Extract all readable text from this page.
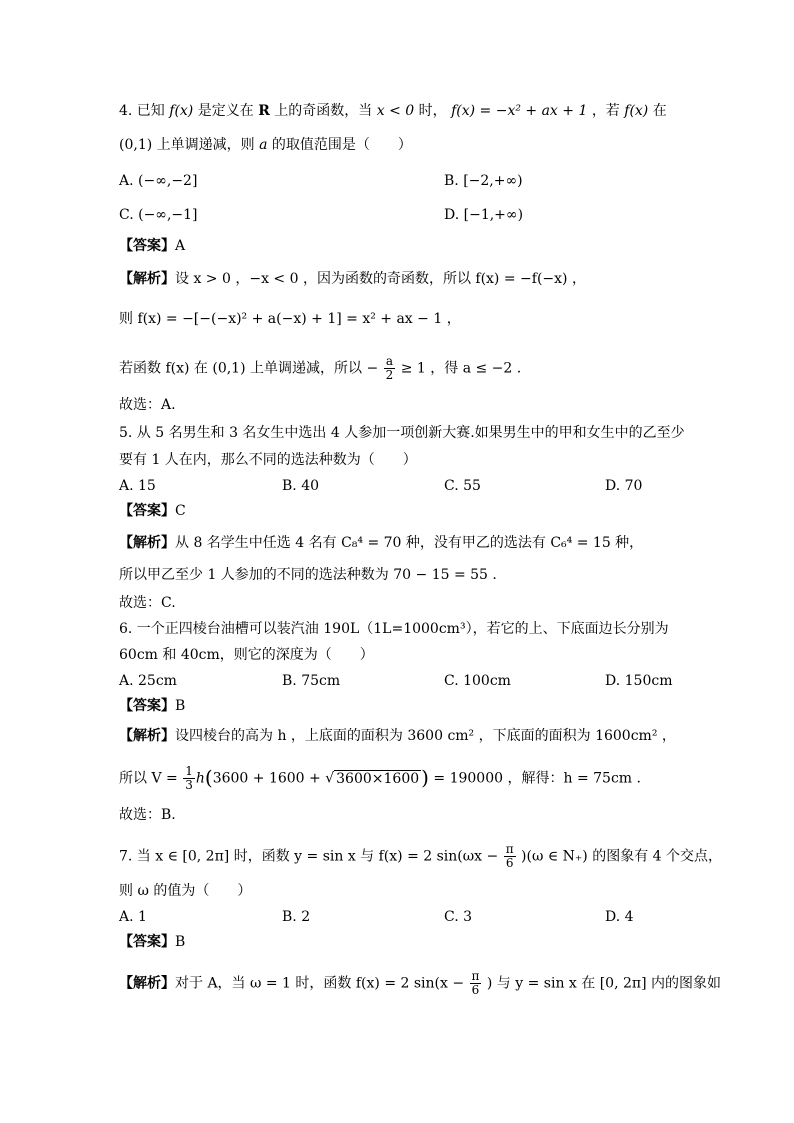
4. 已知 f(x) 是定义在 R 上的奇函数，当 x < 0 时， f(x) = −x² + ax + 1 ，若 f(x) 在
(0,1) 上单调递减，则 a 的取值范围是（　　）
A. (−∞,−2]	B. [−2,+∞)
C. (−∞,−1]	D. [−1,+∞)
【答案】A
【解析】设 x > 0 ，−x < 0 ，因为函数的奇函数，所以 f(x) = −f(−x) ，
则 f(x) = −[−(−x)² + a(−x) + 1] = x² + ax − 1 ，
若函数 f(x) 在 (0,1) 上单调递减，所以 − $\frac{a}{2} \ge 1$ ，得 a ≤ −2 .
故选：A.
5. 从 5 名男生和 3 名女生中选出 4 人参加一项创新大赛.如果男生中的甲和女生中的乙至少
要有 1 人在内，那么不同的选法种数为（　　）
A. 15	B. 40	C. 55	D. 70
【答案】C
【解析】从 8 名学生中任选 4 名有 C₈⁴ = 70 种，没有甲乙的选法有 C₆⁴ = 15 种，
所以甲乙至少 1 人参加的不同的选法种数为 70 − 15 = 55 .
故选：C.
6. 一个正四棱台油槽可以装汽油 190L（1L=1000cm³），若它的上、下底面边长分别为
60cm 和 40cm，则它的深度为（　　）
A. 25cm	B. 75cm	C. 100cm	D. 150cm
【答案】B
【解析】设四棱台的高为 h ，上底面的面积为 3600 cm² ，下底面的面积为 1600cm² ，
所以 $V = \frac{1}{3} h(3600 + 1600$ + √ 3600×1600 ) = 190000 ，解得：h = 75cm .
故选：B.
7. 当 x ∈ [0, 2π] 时，函数 y = sin x 与 f(x) = 2 $\sin(\omega x - \frac{\pi}{6} )(\omega$ ∈ N₊) 的图象有 4 个交点，
则 ω 的值为（　　）
A. 1	B. 2	C. 3	D. 4
【答案】B
【解析】对于 A，当 ω = 1 时，函数 f(x) = 2 $\sin(x - \frac{\pi}{6}$ ) 与 y = sin x 在 [0, 2π] 内的图象如
